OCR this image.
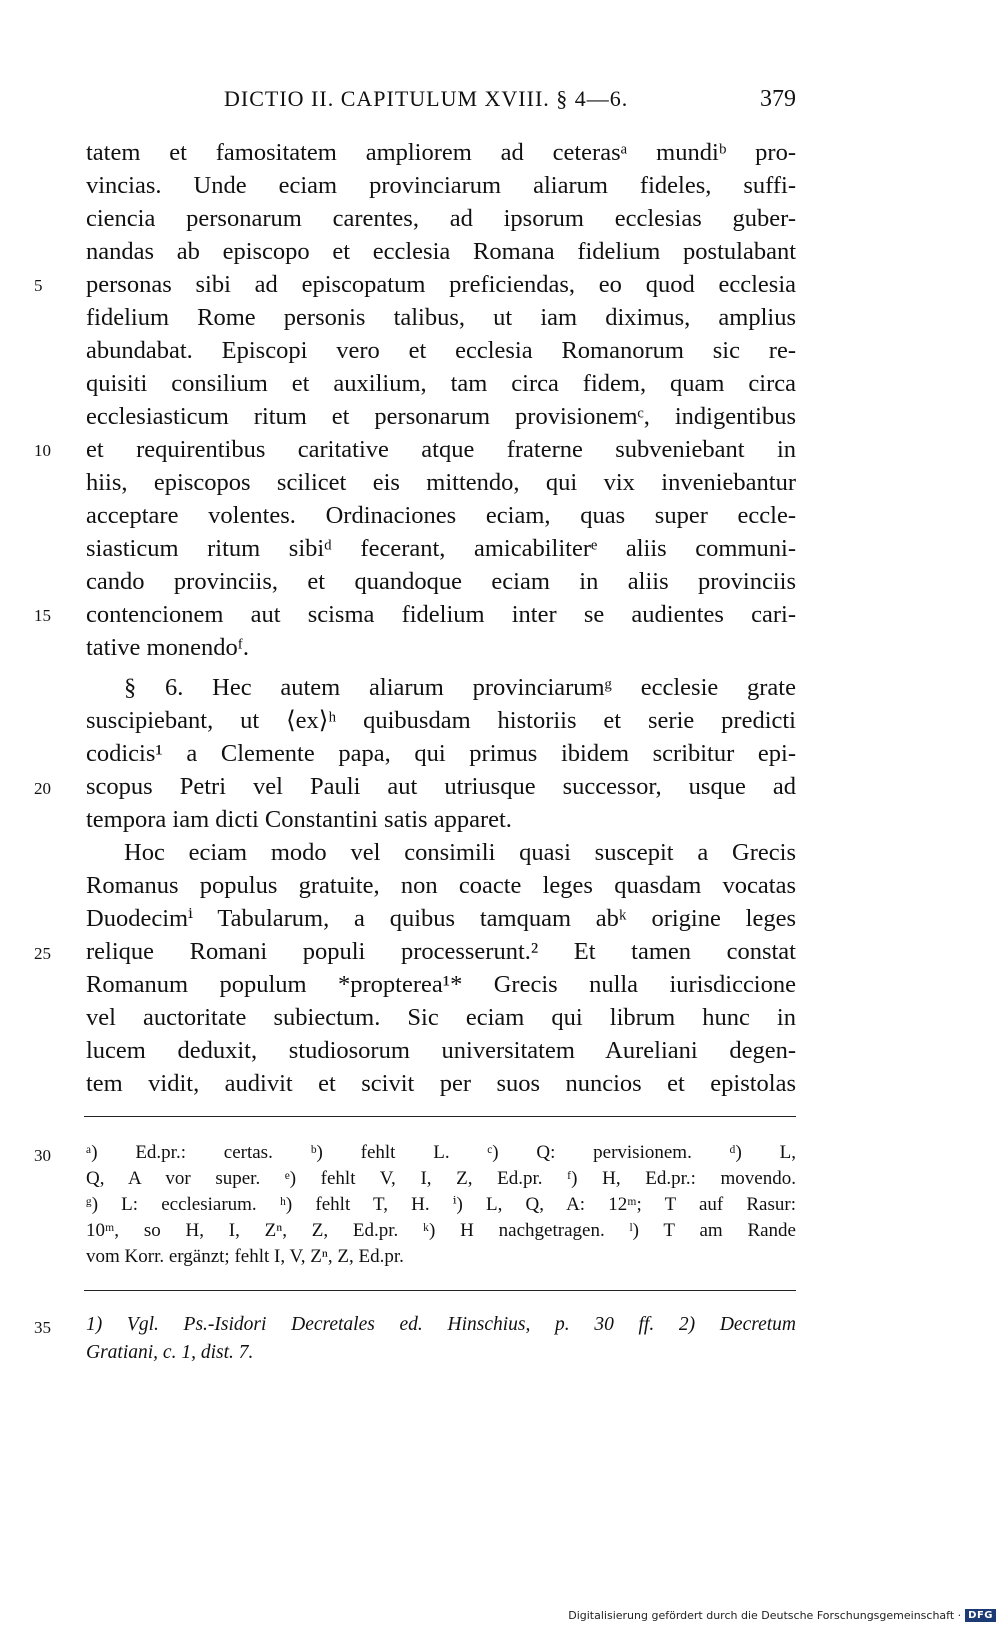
DICTIO II. CAPITULUM XVIII. § 4—6.	379
tatem et famositatem ampliorem ad ceterasᵃ mundiᵇ pro-
vincias. Unde eciam provinciarum aliarum fideles, suffi-
ciencia personarum carentes, ad ipsorum ecclesias guber-
nandas ab episcopo et ecclesia Romana fidelium postulabant
personas sibi ad episcopatum preficiendas, eo quod ecclesia
fidelium Rome personis talibus, ut iam diximus, amplius
abundabat. Episcopi vero et ecclesia Romanorum sic re-
quisiti consilium et auxilium, tam circa fidem, quam circa
ecclesiasticum ritum et personarum provisionemᶜ, indigentibus
et requirentibus caritative atque fraterne subveniebant in
hiis, episcopos scilicet eis mittendo, qui vix inveniebantur
acceptare volentes. Ordinaciones eciam, quas super eccle-
siasticum ritum sibiᵈ fecerant, amicabiliterᵉ aliis communi-
cando provinciis, et quandoque eciam in aliis provinciis
contencionem aut scisma fidelium inter se audientes cari-
tative monendoᶠ.
§ 6. Hec autem aliarum provinciarumᵍ ecclesie grate
suscipiebant, ut ⟨ex⟩ʰ quibusdam historiis et serie predicti
codicis¹ a Clemente papa, qui primus ibidem scribitur epi-
scopus Petri vel Pauli aut utriusque successor, usque ad
tempora iam dicti Constantini satis apparet.
Hoc eciam modo vel consimili quasi suscepit a Grecis
Romanus populus gratuite, non coacte leges quasdam vocatas
Duodecimⁱ Tabularum, a quibus tamquam abᵏ origine leges
relique Romani populi processerunt.² Et tamen constat
Romanum populum *propterea¹* Grecis nulla iurisdiccione
vel auctoritate subiectum. Sic eciam qui librum hunc in
lucem deduxit, studiosorum universitatem Aureliani degen-
tem vidit, audivit et scivit per suos nuncios et epistolas
5
10
15
20
25
30
35
ᵃ) Ed.pr.: certas. ᵇ) fehlt L. ᶜ) Q: pervisionem. ᵈ) L,
Q, A vor super. ᵉ) fehlt V, I, Z, Ed.pr. ᶠ) H, Ed.pr.: movendo.
ᵍ) L: ecclesiarum. ʰ) fehlt T, H. ⁱ) L, Q, A: 12ᵐ; T auf Rasur:
10ᵐ, so H, I, Zⁿ, Z, Ed.pr. ᵏ) H nachgetragen. ˡ) T am Rande
vom Korr. ergänzt; fehlt I, V, Zⁿ, Z, Ed.pr.
1) Vgl. Ps.-Isidori Decretales ed. Hinschius, p. 30 ff. 2) Decretum
Gratiani, c. 1, dist. 7.
Digitalisierung gefördert durch die Deutsche Forschungsgemeinschaft · DFG
